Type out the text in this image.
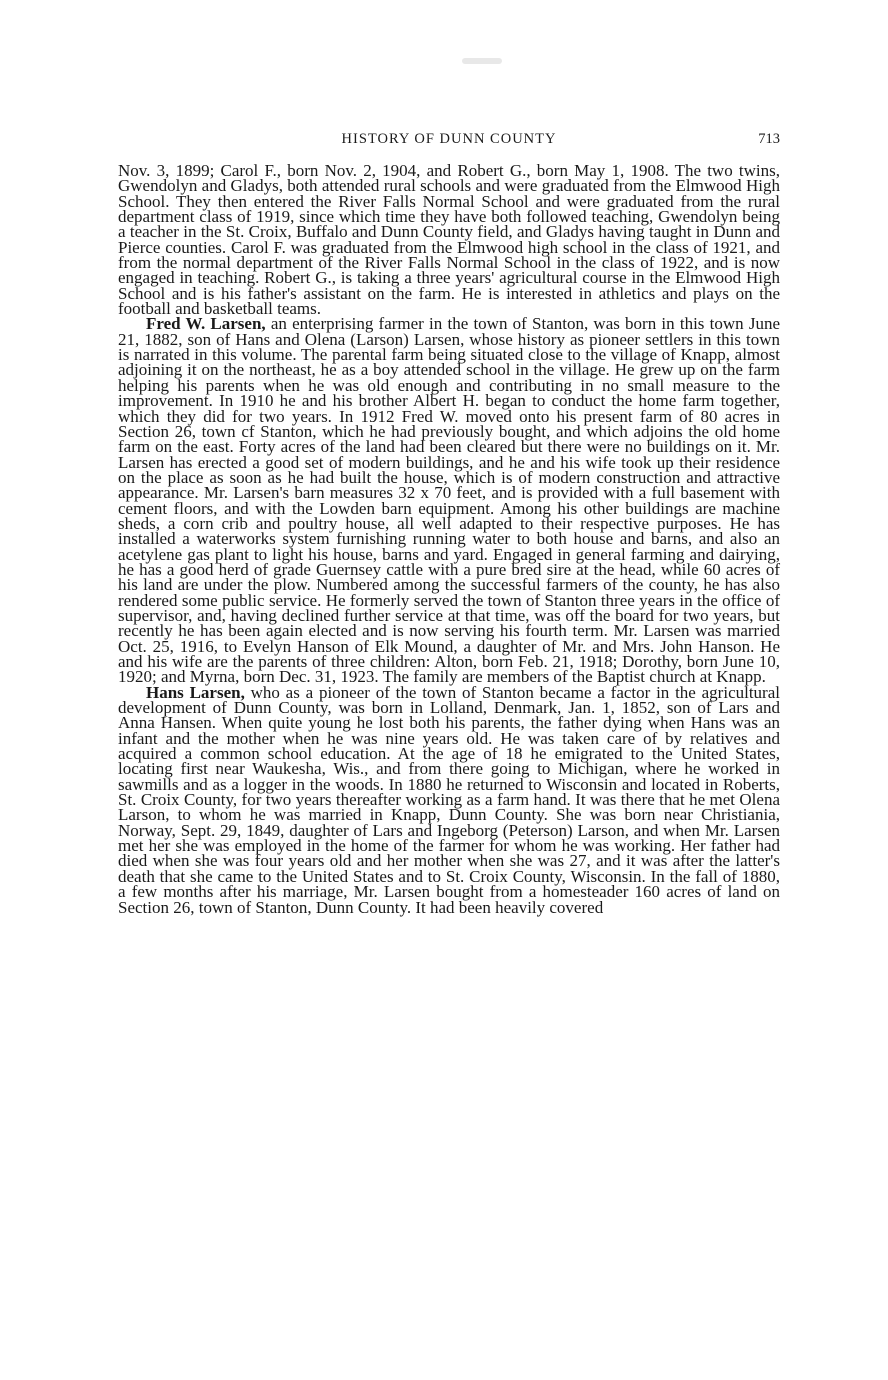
HISTORY OF DUNN COUNTY	713

Nov. 3, 1899; Carol F., born Nov. 2, 1904, and Robert G., born May 1, 1908. The two twins, Gwendolyn and Gladys, both attended rural schools and were graduated from the Elmwood High School. They then entered the River Falls Normal School and were graduated from the rural department class of 1919, since which time they have both followed teaching, Gwendolyn being a teacher in the St. Croix, Buffalo and Dunn County field, and Gladys having taught in Dunn and Pierce counties. Carol F. was graduated from the Elmwood high school in the class of 1921, and from the normal department of the River Falls Normal School in the class of 1922, and is now engaged in teaching. Robert G., is taking a three years' agricultural course in the Elmwood High School and is his father's assistant on the farm. He is interested in athletics and plays on the football and basketball teams.

Fred W. Larsen, an enterprising farmer in the town of Stanton, was born in this town June 21, 1882, son of Hans and Olena (Larson) Larsen, whose history as pioneer settlers in this town is narrated in this volume. The parental farm being situated close to the village of Knapp, almost adjoining it on the northeast, he as a boy attended school in the village. He grew up on the farm helping his parents when he was old enough and contributing in no small measure to the improvement. In 1910 he and his brother Albert H. began to conduct the home farm together, which they did for two years. In 1912 Fred W. moved onto his present farm of 80 acres in Section 26, town cf Stanton, which he had previously bought, and which adjoins the old home farm on the east. Forty acres of the land had been cleared but there were no buildings on it. Mr. Larsen has erected a good set of modern buildings, and he and his wife took up their residence on the place as soon as he had built the house, which is of modern construction and attractive appearance. Mr. Larsen's barn measures 32 x 70 feet, and is provided with a full basement with cement floors, and with the Lowden barn equipment. Among his other buildings are machine sheds, a corn crib and poultry house, all well adapted to their respective purposes. He has installed a waterworks system furnishing running water to both house and barns, and also an acetylene gas plant to light his house, barns and yard. Engaged in general farming and dairying, he has a good herd of grade Guernsey cattle with a pure bred sire at the head, while 60 acres of his land are under the plow. Numbered among the successful farmers of the county, he has also rendered some public service. He formerly served the town of Stanton three years in the office of supervisor, and, having declined further service at that time, was off the board for two years, but recently he has been again elected and is now serving his fourth term. Mr. Larsen was married Oct. 25, 1916, to Evelyn Hanson of Elk Mound, a daughter of Mr. and Mrs. John Hanson. He and his wife are the parents of three children: Alton, born Feb. 21, 1918; Dorothy, born June 10, 1920; and Myrna, born Dec. 31, 1923. The family are members of the Baptist church at Knapp.

Hans Larsen, who as a pioneer of the town of Stanton became a factor in the agricultural development of Dunn County, was born in Lolland, Denmark, Jan. 1, 1852, son of Lars and Anna Hansen. When quite young he lost both his parents, the father dying when Hans was an infant and the mother when he was nine years old. He was taken care of by relatives and acquired a common school education. At the age of 18 he emigrated to the United States, locating first near Waukesha, Wis., and from there going to Michigan, where he worked in sawmills and as a logger in the woods. In 1880 he returned to Wisconsin and located in Roberts, St. Croix County, for two years thereafter working as a farm hand. It was there that he met Olena Larson, to whom he was married in Knapp, Dunn County. She was born near Christiania, Norway, Sept. 29, 1849, daughter of Lars and Ingeborg (Peterson) Larson, and when Mr. Larsen met her she was employed in the home of the farmer for whom he was working. Her father had died when she was four years old and her mother when she was 27, and it was after the latter's death that she came to the United States and to St. Croix County, Wisconsin. In the fall of 1880, a few months after his marriage, Mr. Larsen bought from a homesteader 160 acres of land on Section 26, town of Stanton, Dunn County. It had been heavily covered
